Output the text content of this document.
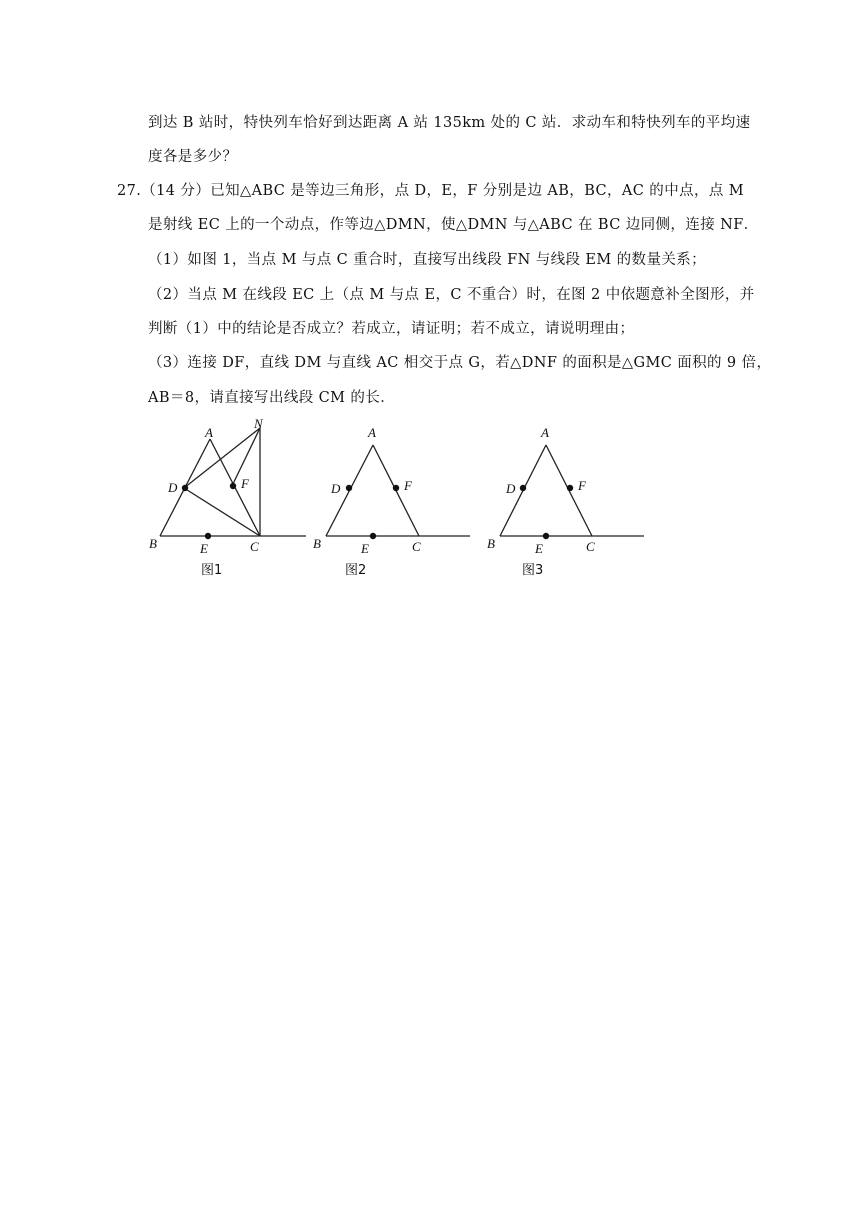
到达 B 站时，特快列车恰好到达距离 A 站 135km 处的 C 站．求动车和特快列车的平均速
度各是多少？
27.（14 分）已知△ABC 是等边三角形，点 D，E，F 分别是边 AB，BC，AC 的中点，点 M
是射线 EC 上的一个动点，作等边△DMN，使△DMN 与△ABC 在 BC 边同侧，连接 NF．
（1）如图 1，当点 M 与点 C 重合时，直接写出线段 FN 与线段 EM 的数量关系；
（2）当点 M 在线段 EC 上（点 M 与点 E，C 不重合）时，在图 2 中依题意补全图形，并
判断（1）中的结论是否成立？若成立，请证明；若不成立，请说明理由；
（3）连接 DF，直线 DM 与直线 AC 相交于点 G，若△DNF 的面积是△GMC 面积的 9 倍，
AB＝8，请直接写出线段 CM 的长．
A
N
D	F
B	E	C
图1
A
D	F
B	E	C
图2
A
D	F
B	E	C
图3
